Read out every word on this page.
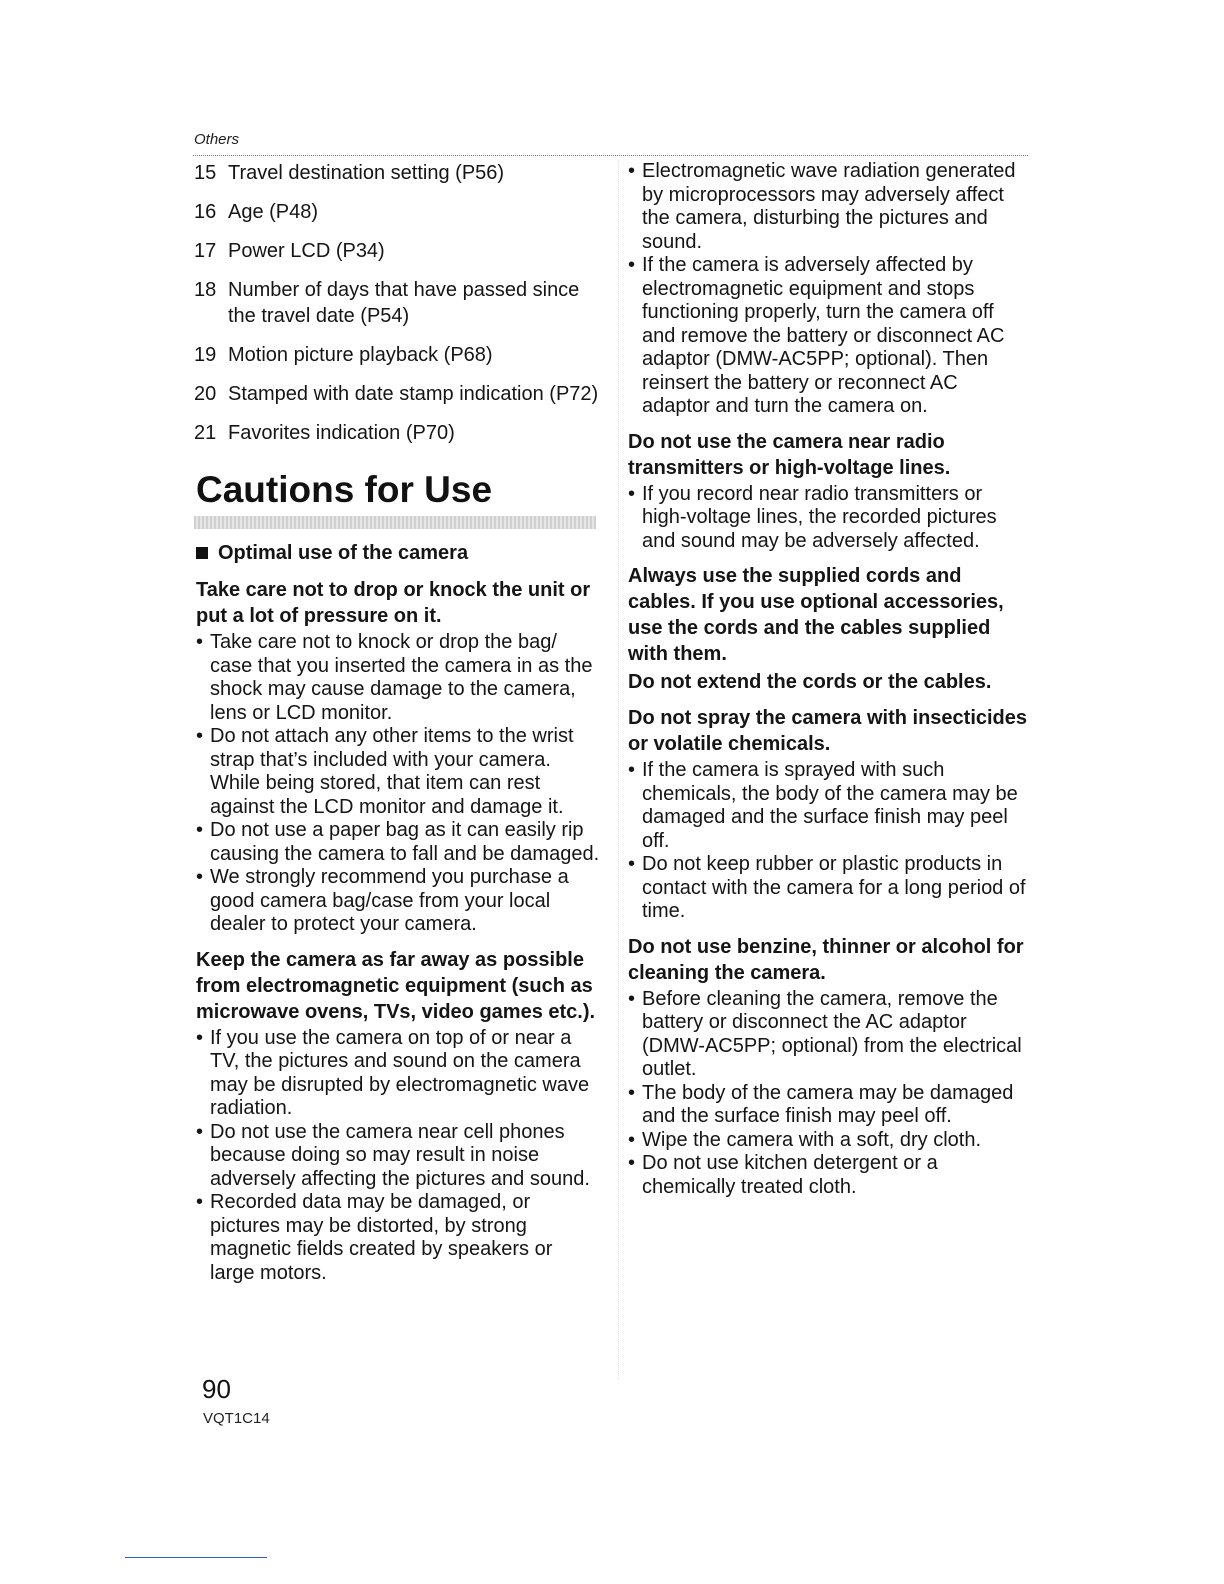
Others
15 Travel destination setting (P56)
16 Age (P48)
17 Power LCD (P34)
18 Number of days that have passed since the travel date (P54)
19 Motion picture playback (P68)
20 Stamped with date stamp indication (P72)
21 Favorites indication (P70)
Cautions for Use
Optimal use of the camera
Take care not to drop or knock the unit or put a lot of pressure on it.
• Take care not to knock or drop the bag/ case that you inserted the camera in as the shock may cause damage to the camera, lens or LCD monitor.
• Do not attach any other items to the wrist strap that’s included with your camera. While being stored, that item can rest against the LCD monitor and damage it.
• Do not use a paper bag as it can easily rip causing the camera to fall and be damaged.
• We strongly recommend you purchase a good camera bag/case from your local dealer to protect your camera.
Keep the camera as far away as possible from electromagnetic equipment (such as microwave ovens, TVs, video games etc.).
• If you use the camera on top of or near a TV, the pictures and sound on the camera may be disrupted by electromagnetic wave radiation.
• Do not use the camera near cell phones because doing so may result in noise adversely affecting the pictures and sound.
• Recorded data may be damaged, or pictures may be distorted, by strong magnetic fields created by speakers or large motors.
• Electromagnetic wave radiation generated by microprocessors may adversely affect the camera, disturbing the pictures and sound.
• If the camera is adversely affected by electromagnetic equipment and stops functioning properly, turn the camera off and remove the battery or disconnect AC adaptor (DMW-AC5PP; optional). Then reinsert the battery or reconnect AC adaptor and turn the camera on.
Do not use the camera near radio transmitters or high-voltage lines.
• If you record near radio transmitters or high-voltage lines, the recorded pictures and sound may be adversely affected.
Always use the supplied cords and cables. If you use optional accessories, use the cords and the cables supplied with them.
Do not extend the cords or the cables.
Do not spray the camera with insecticides or volatile chemicals.
• If the camera is sprayed with such chemicals, the body of the camera may be damaged and the surface finish may peel off.
• Do not keep rubber or plastic products in contact with the camera for a long period of time.
Do not use benzine, thinner or alcohol for cleaning the camera.
• Before cleaning the camera, remove the battery or disconnect the AC adaptor (DMW-AC5PP; optional) from the electrical outlet.
• The body of the camera may be damaged and the surface finish may peel off.
• Wipe the camera with a soft, dry cloth.
• Do not use kitchen detergent or a chemically treated cloth.
90
VQT1C14
